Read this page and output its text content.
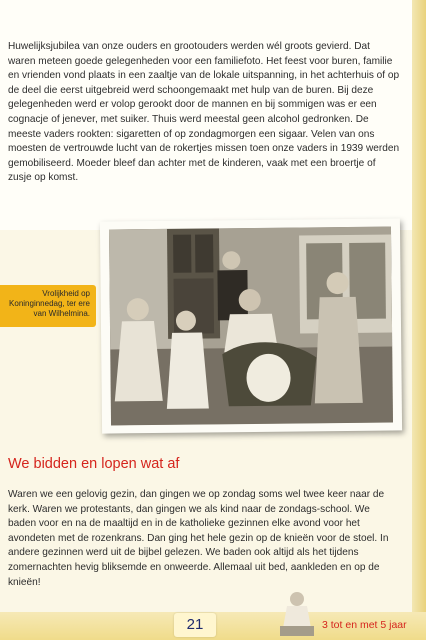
Huwelijksjubilea van onze ouders en grootouders werden wél groots gevierd. Dat waren meteen goede gelegenheden voor een familiefoto. Het feest voor buren, familie en vrienden vond plaats in een zaaltje van de lokale uitspanning, in het achterhuis of op de deel die eerst uitgebreid werd schoongemaakt met hulp van de buren. Bij deze gelegenheden werd er volop gerookt door de mannen en bij sommigen was er een cognacje of jenever, met suiker. Thuis werd meestal geen alcohol gedronken. De meeste vaders rookten: sigaretten of op zondagmorgen een sigaar. Velen van ons moesten de vertrouwde lucht van de rokertjes missen toen onze vaders in 1939 werden gemobiliseerd. Moeder bleef dan achter met de kinderen, vaak met een broertje of zusje op komst.

Vrolijkheid op Koninginnedag, ter ere van Wilhelmina.
We bidden en lopen wat af

Waren we een gelovig gezin, dan gingen we op zondag soms wel twee keer naar de kerk. Waren we protestants, dan gingen we als kind naar de zondags-school. We baden voor en na de maaltijd en in de katholieke gezinnen elke avond voor het avondeten met de rozenkrans. Dan ging het hele gezin op de knieën voor de stoel. In andere gezinnen werd uit de bijbel gelezen. We baden ook altijd als het tijdens zomernachten hevig bliksemde en onweerde. Allemaal uit bed, aankleden en op de knieën!

21	3 tot en met 5 jaar
